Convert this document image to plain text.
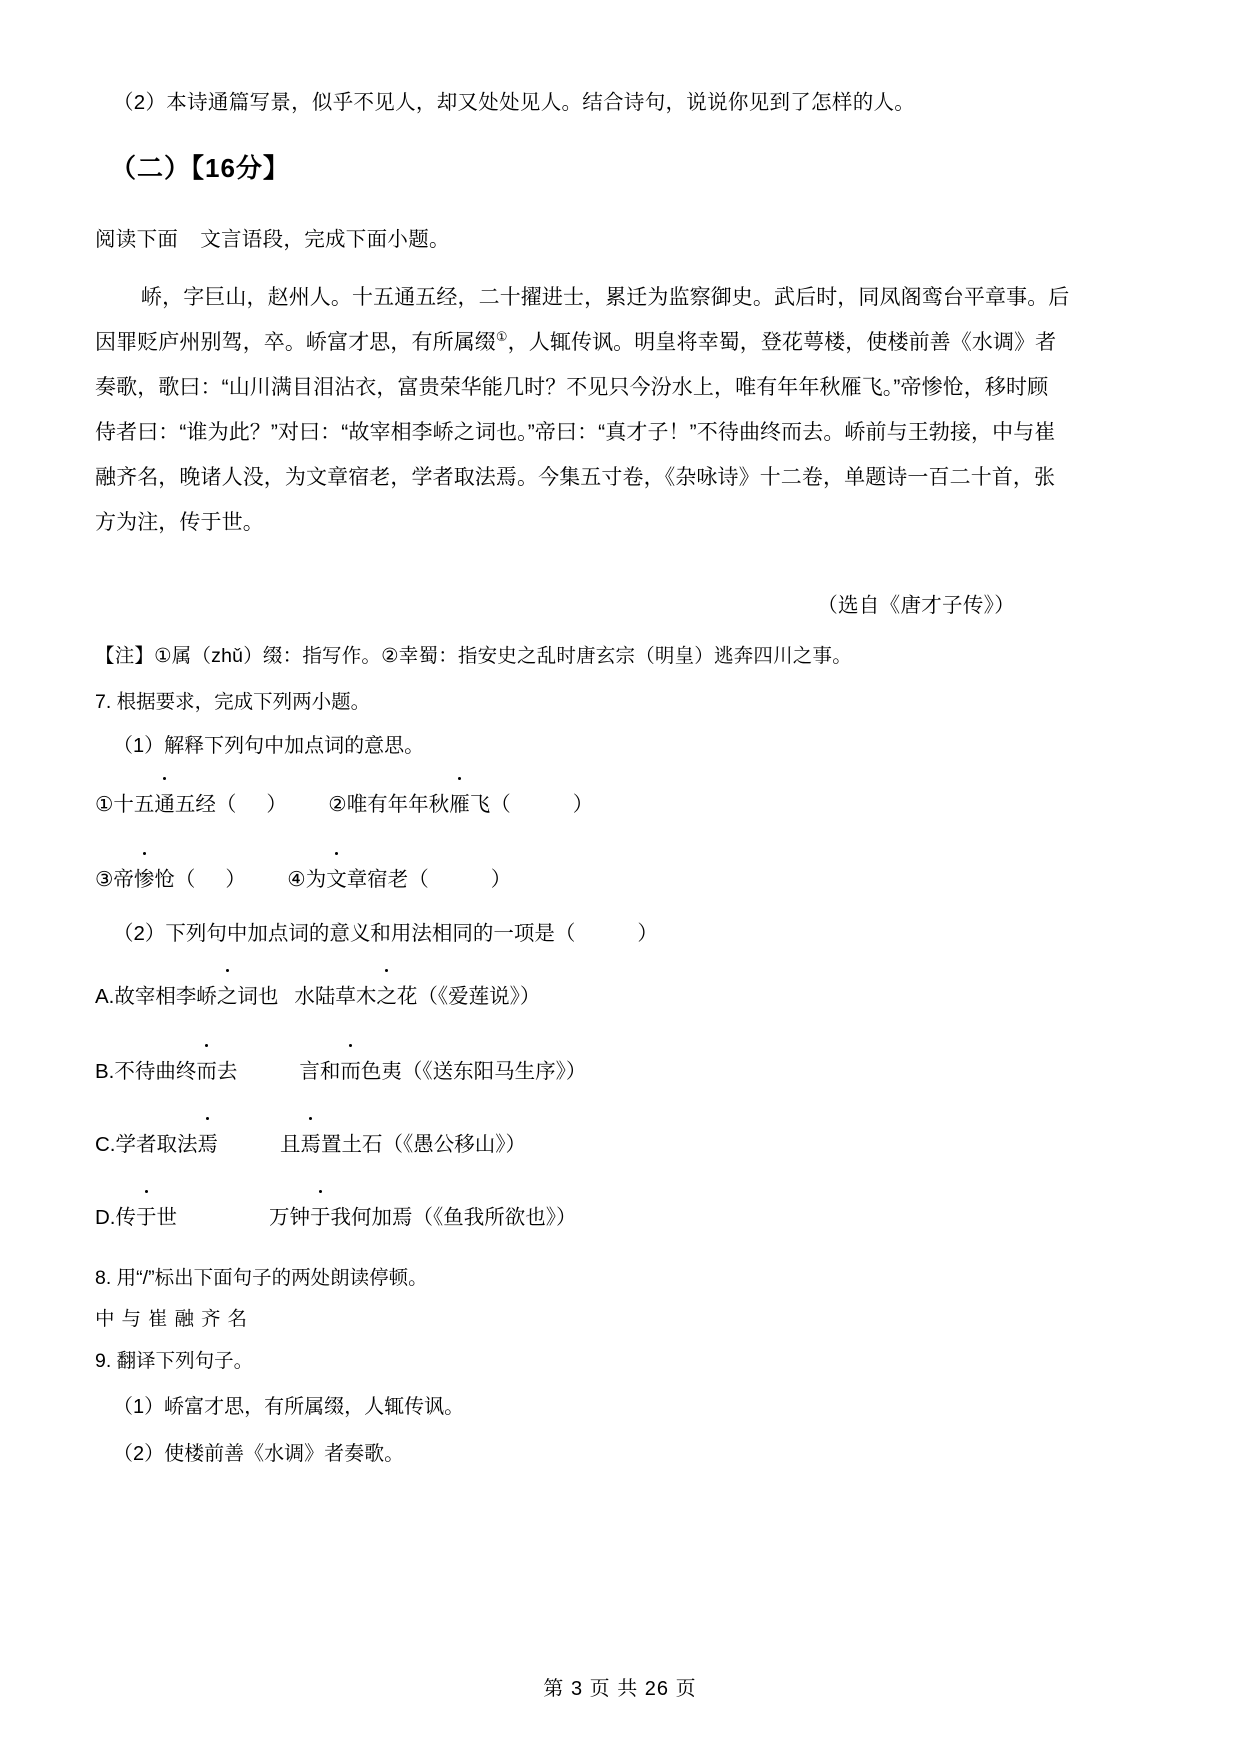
（2）本诗通篇写景，似乎不见人，却又处处见人。结合诗句，说说你见到了怎样的人。
（二）【16分】
阅读下面 文言语段，完成下面小题。
峤，字巨山，赵州人。十五通五经，二十擢进士，累迁为监察御史。武后时，同凤阁鸾台平章事。后
因罪贬庐州别驾，卒。峤富才思，有所属缀①，人辄传讽。明皇将幸蜀，登花萼楼，使楼前善《水调》者
奏歌，歌曰：“山川满目泪沾衣，富贵荣华能几时？不见只今汾水上，唯有年年秋雁飞。”帝惨怆，移时顾
侍者曰：“谁为此？”对曰：“故宰相李峤之词也。”帝曰：“真才子！”不待曲终而去。峤前与王勃接，中与崔
融齐名，晚诸人没，为文章宿老，学者取法焉。今集五寸卷，《杂咏诗》十二卷，单题诗一百二十首，张
方为注，传于世。
（选自《唐才子传》）
【注】①属（zhǔ）缀：指写作。②幸蜀：指安史之乱时唐玄宗（明皇）逃奔四川之事。
7. 根据要求，完成下列两小题。
（1）解释下列句中加点词的意思。
①十五通五经（ ） ②唯有年年秋雁飞（	）
③帝惨怆（ ） ④为文章宿老（	）
（2）下列句中加点词的意义和用法相同的一项是（	）
A.故宰相李峤之词也 水陆草木之花（《爱莲说》）
B.不待曲终而去	言和而色夷（《送东阳马生序》）
C.学者取法焉	且焉置土石（《愚公移山》）
D.传于世	万钟于我何加焉（《鱼我所欲也》）
8. 用“/”标出下面句子的两处朗读停顿。
中与崔融齐名
9. 翻译下列句子。
（1）峤富才思，有所属缀，人辄传讽。
（2）使楼前善《水调》者奏歌。
第 3 页 共 26 页
